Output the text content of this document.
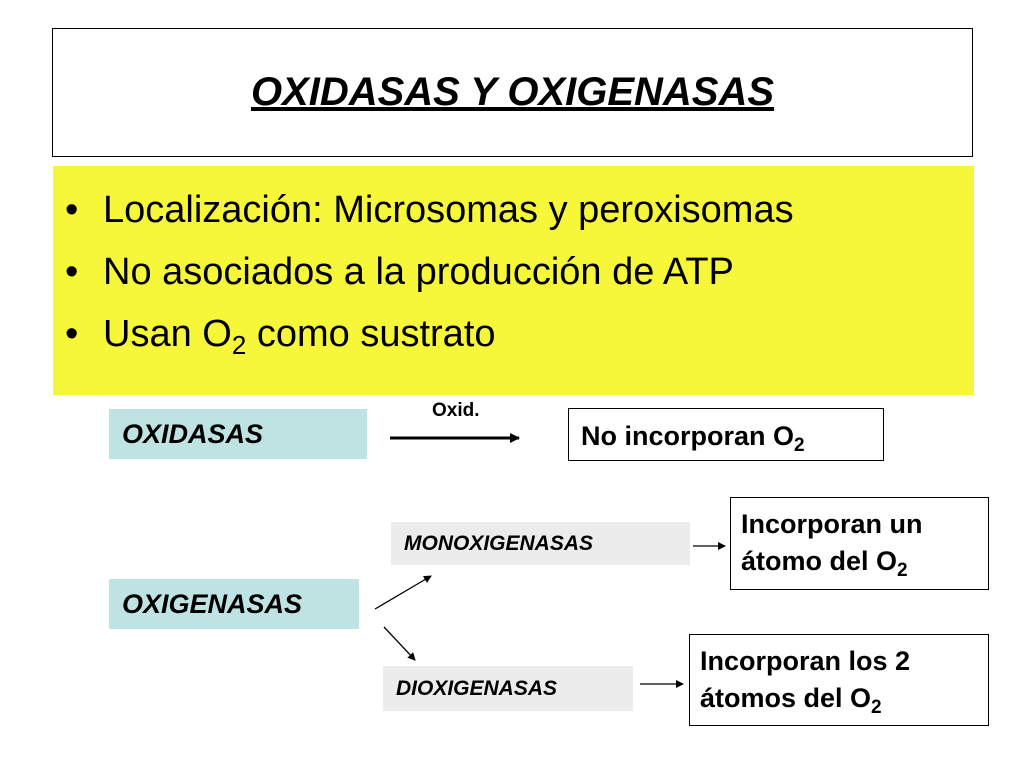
OXIDASAS Y OXIGENASAS
• Localización: Microsomas y peroxisomas
• No asociados a la producción de ATP
• Usan $O_2$ como sustrato
OXIDASAS
Oxid.
No incorporan $O_2$
OXIGENASAS
MONOXIGENASAS
Incorporan un
átomo del $O_2$
DIOXIGENASAS
Incorporan los 2
átomos del $O_2$
